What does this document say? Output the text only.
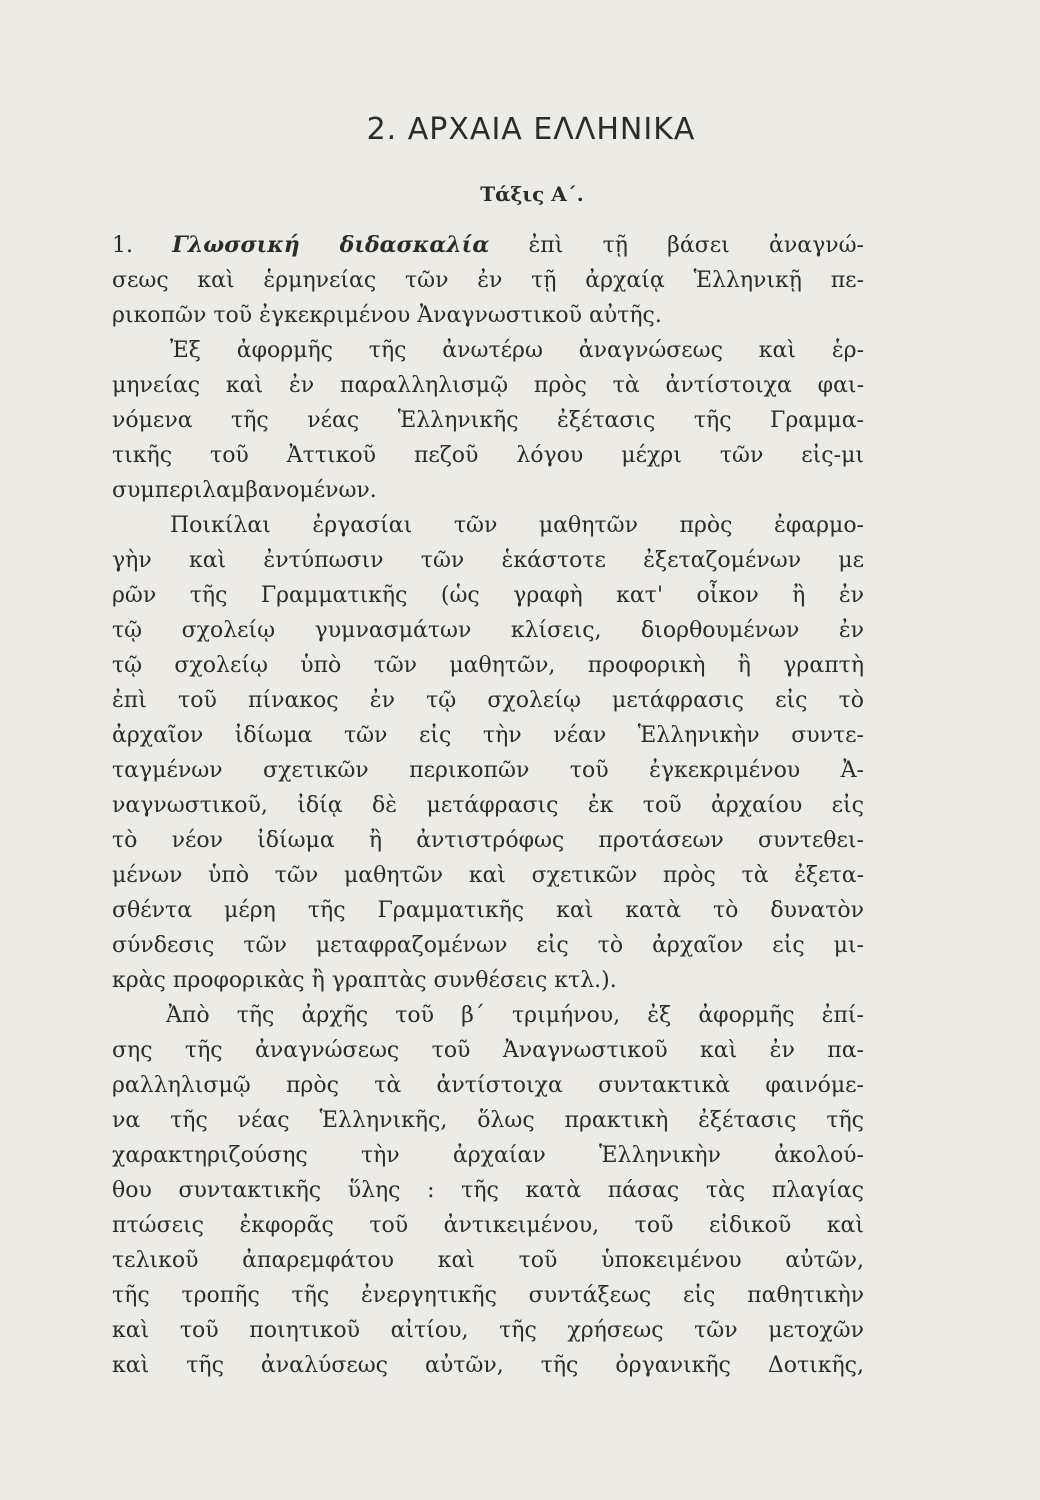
2. ΑΡΧΑΙΑ ΕΛΛΗΝΙΚΑ
Τάξις Α΄.
1. Γλωσσική διδασκαλία ἐπὶ τῇ βάσει ἀναγνώ-
σεως καὶ ἑρμηνείας τῶν ἐν τῇ ἀρχαίᾳ Ἑλληνικῇ πε-
ρικοπῶν τοῦ ἐγκεκριμένου Ἀναγνωστικοῦ αὐτῆς.
Ἐξ ἀφορμῆς τῆς ἀνωτέρω ἀναγνώσεως καὶ ἑρ-
μηνείας καὶ ἐν παραλληλισμῷ πρὸς τὰ ἀντίστοιχα φαι-
νόμενα τῆς νέας Ἑλληνικῆς ἐξέτασις τῆς Γραμμα-
τικῆς τοῦ Ἀττικοῦ πεζοῦ λόγου μέχρι τῶν εἰς-μι
συμπεριλαμβανομένων.
Ποικίλαι ἐργασίαι τῶν μαθητῶν πρὸς ἐφαρμο-
γὴν καὶ ἐντύπωσιν τῶν ἑκάστοτε ἐξεταζομένων με
ρῶν τῆς Γραμματικῆς (ὡς γραφὴ κατ' οἶκον ἢ ἐν
τῷ σχολείῳ γυμνασμάτων κλίσεις, διορθουμένων ἐν
τῷ σχολείῳ ὑπὸ τῶν μαθητῶν, προφορικὴ ἢ γραπτὴ
ἐπὶ τοῦ πίνακος ἐν τῷ σχολείῳ μετάφρασις εἰς τὸ
ἀρχαῖον ἰδίωμα τῶν εἰς τὴν νέαν Ἑλληνικὴν συντε-
ταγμένων σχετικῶν περικοπῶν τοῦ ἐγκεκριμένου Ἀ-
ναγνωστικοῦ, ἰδίᾳ δὲ μετάφρασις ἐκ τοῦ ἀρχαίου εἰς
τὸ νέον ἰδίωμα ἢ ἀντιστρόφως προτάσεων συντεθει-
μένων ὑπὸ τῶν μαθητῶν καὶ σχετικῶν πρὸς τὰ ἐξετα-
σθέντα μέρη τῆς Γραμματικῆς καὶ κατὰ τὸ δυνατὸν
σύνδεσις τῶν μεταφραζομένων εἰς τὸ ἀρχαῖον εἰς μι-
κρὰς προφορικὰς ἢ γραπτὰς συνθέσεις κτλ.).
Ἀπὸ τῆς ἀρχῆς τοῦ β΄ τριμήνου, ἐξ ἀφορμῆς ἐπί-
σης τῆς ἀναγνώσεως τοῦ Ἀναγνωστικοῦ καὶ ἐν πα-
ραλληλισμῷ πρὸς τὰ ἀντίστοιχα συντακτικὰ φαινόμε-
να τῆς νέας Ἑλληνικῆς, ὅλως πρακτικὴ ἐξέτασις τῆς
χαρακτηριζούσης τὴν ἀρχαίαν Ἑλληνικὴν ἀκολού-
θου συντακτικῆς ὕλης : τῆς κατὰ πάσας τὰς πλαγίας
πτώσεις ἐκφορᾶς τοῦ ἀντικειμένου, τοῦ εἰδικοῦ καὶ
τελικοῦ ἀπαρεμφάτου καὶ τοῦ ὑποκειμένου αὐτῶν,
τῆς τροπῆς τῆς ἐνεργητικῆς συντάξεως εἰς παθητικὴν
καὶ τοῦ ποιητικοῦ αἰτίου, τῆς χρήσεως τῶν μετοχῶν
καὶ τῆς ἀναλύσεως αὐτῶν, τῆς ὀργανικῆς Δοτικῆς,
